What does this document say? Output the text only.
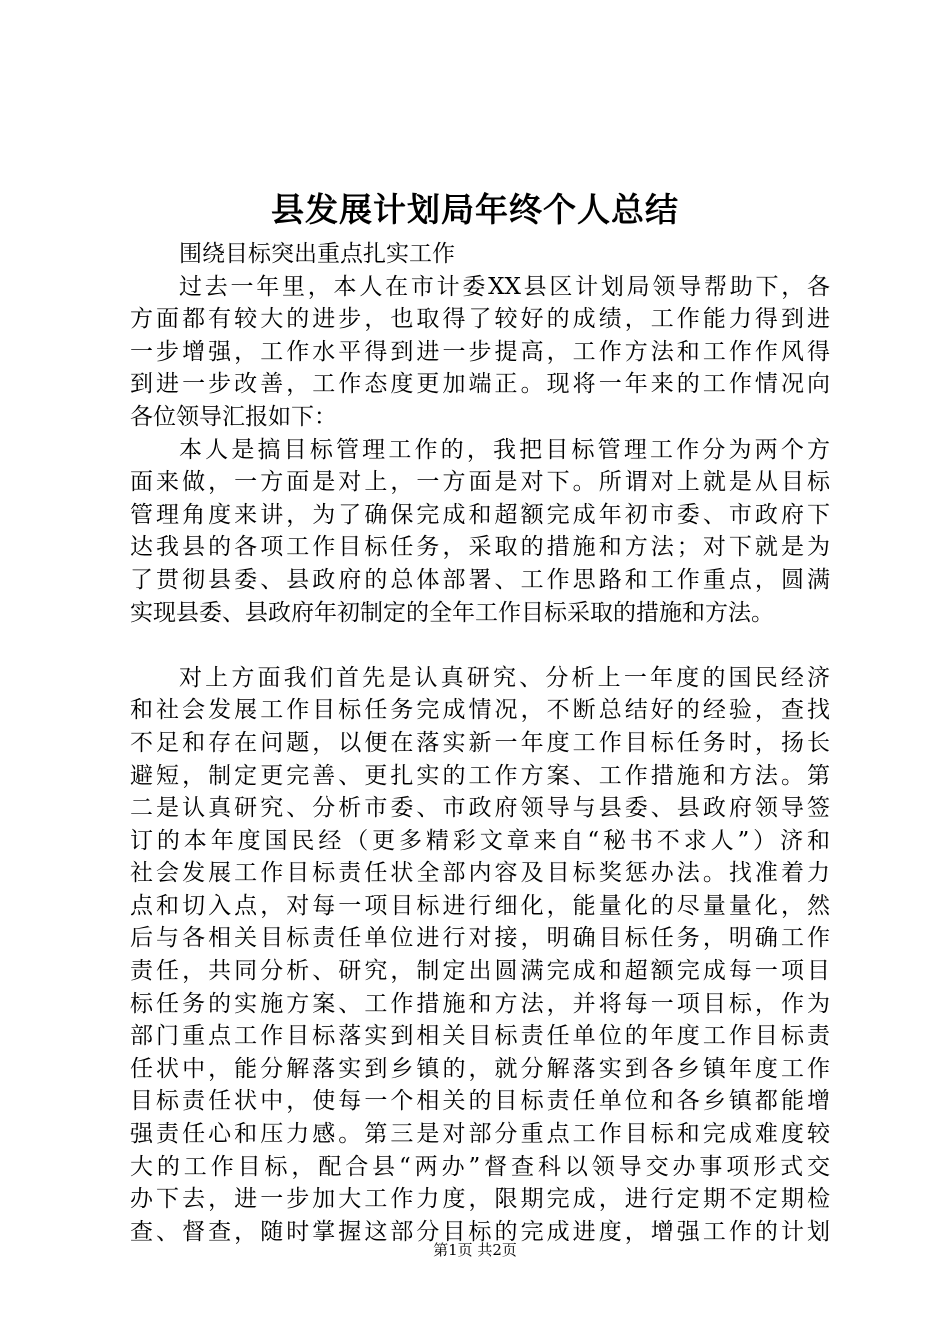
县发展计划局年终个人总结
围绕目标突出重点扎实工作
过去一年里，本人在市计委XX县区计划局领导帮助下，各
方面都有较大的进步，也取得了较好的成绩，工作能力得到进
一步增强，工作水平得到进一步提高，工作方法和工作作风得
到进一步改善，工作态度更加端正。现将一年来的工作情况向
各位领导汇报如下：
本人是搞目标管理工作的，我把目标管理工作分为两个方
面来做，一方面是对上，一方面是对下。所谓对上就是从目标
管理角度来讲，为了确保完成和超额完成年初市委、市政府下
达我县的各项工作目标任务，采取的措施和方法；对下就是为
了贯彻县委、县政府的总体部署、工作思路和工作重点，圆满
实现县委、县政府年初制定的全年工作目标采取的措施和方法。
对上方面我们首先是认真研究、分析上一年度的国民经济
和社会发展工作目标任务完成情况，不断总结好的经验，查找
不足和存在问题，以便在落实新一年度工作目标任务时，扬长
避短，制定更完善、更扎实的工作方案、工作措施和方法。第
二是认真研究、分析市委、市政府领导与县委、县政府领导签
订的本年度国民经（更多精彩文章来自“秘书不求人”）济和
社会发展工作目标责任状全部内容及目标奖惩办法。找准着力
点和切入点，对每一项目标进行细化，能量化的尽量量化，然
后与各相关目标责任单位进行对接，明确目标任务，明确工作
责任，共同分析、研究，制定出圆满完成和超额完成每一项目
标任务的实施方案、工作措施和方法，并将每一项目标，作为
部门重点工作目标落实到相关目标责任单位的年度工作目标责
任状中，能分解落实到乡镇的，就分解落实到各乡镇年度工作
目标责任状中，使每一个相关的目标责任单位和各乡镇都能增
强责任心和压力感。第三是对部分重点工作目标和完成难度较
大的工作目标，配合县“两办”督查科以领导交办事项形式交
办下去，进一步加大工作力度，限期完成，进行定期不定期检
查、督查，随时掌握这部分目标的完成进度，增强工作的计划
第1页 共2页
